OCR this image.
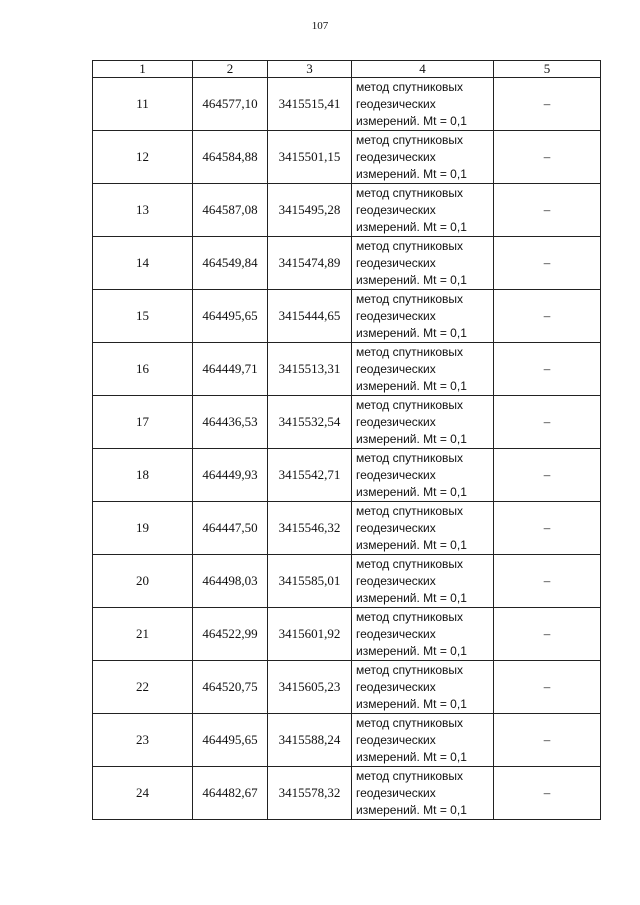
107
1	2	3	4	5
11	464577,10	3415515,41	метод спутниковых
геодезических
измерений. Mt = 0,1	–
12	464584,88	3415501,15	метод спутниковых
геодезических
измерений. Mt = 0,1	–
13	464587,08	3415495,28	метод спутниковых
геодезических
измерений. Mt = 0,1	–
14	464549,84	3415474,89	метод спутниковых
геодезических
измерений. Mt = 0,1	–
15	464495,65	3415444,65	метод спутниковых
геодезических
измерений. Mt = 0,1	–
16	464449,71	3415513,31	метод спутниковых
геодезических
измерений. Mt = 0,1	–
17	464436,53	3415532,54	метод спутниковых
геодезических
измерений. Mt = 0,1	–
18	464449,93	3415542,71	метод спутниковых
геодезических
измерений. Mt = 0,1	–
19	464447,50	3415546,32	метод спутниковых
геодезических
измерений. Mt = 0,1	–
20	464498,03	3415585,01	метод спутниковых
геодезических
измерений. Mt = 0,1	–
21	464522,99	3415601,92	метод спутниковых
геодезических
измерений. Mt = 0,1	–
22	464520,75	3415605,23	метод спутниковых
геодезических
измерений. Mt = 0,1	–
23	464495,65	3415588,24	метод спутниковых
геодезических
измерений. Mt = 0,1	–
24	464482,67	3415578,32	метод спутниковых
геодезических
измерений. Mt = 0,1	–
